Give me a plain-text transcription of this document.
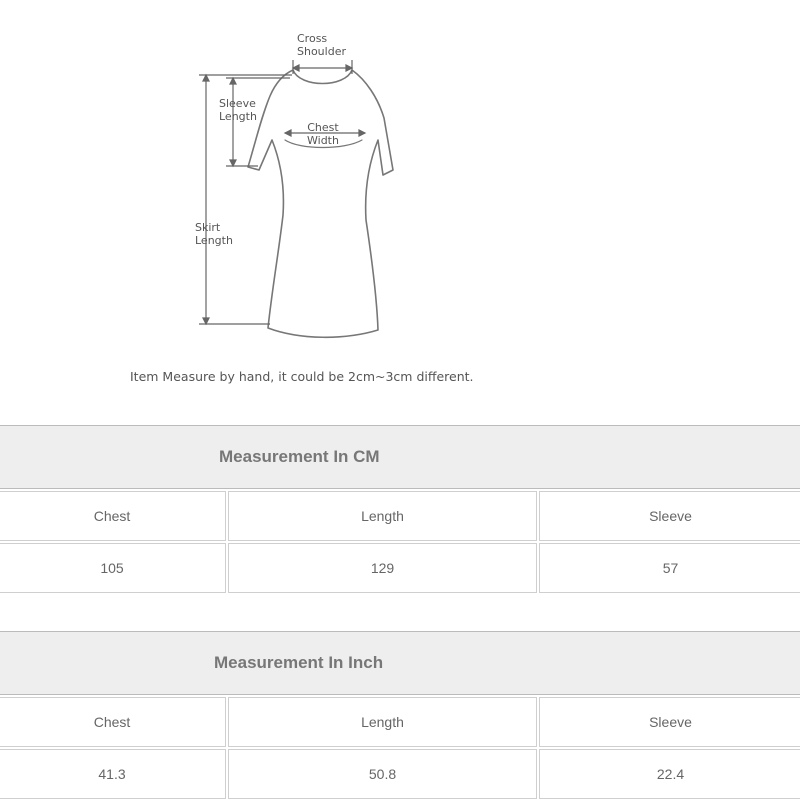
Cross
Shoulder
Sleeve
Length
Chest
Width
Skirt
Length
Item Measure by hand, it could be 2cm~3cm different.
Measurement In CM
Chest	Length	Sleeve
105	129	57
Measurement In Inch
Chest	Length	Sleeve
41.3	50.8	22.4
